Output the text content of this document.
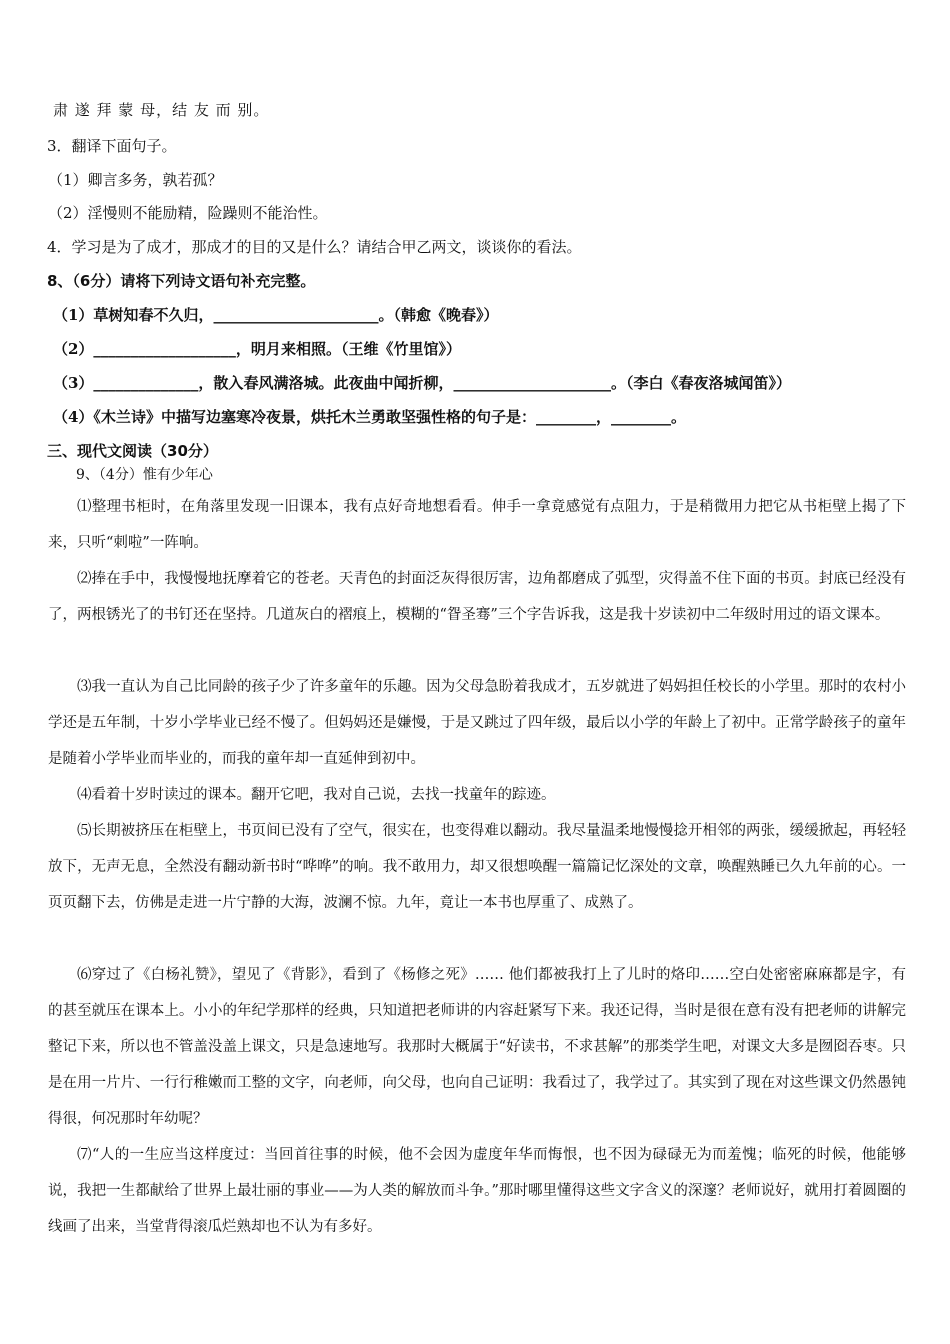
肃 遂 拜 蒙 母，结 友 而 别。
3．翻译下面句子。
（1）卿言多务，孰若孤？
（2）淫慢则不能励精，险躁则不能治性。
4．学习是为了成才，那成才的目的又是什么？请结合甲乙两文，谈谈你的看法。
8、（6分）请将下列诗文语句补充完整。
（1）草树知春不久归，______________________。（韩愈《晚春》）
（2）___________________，明月来相照。（王维《竹里馆》）
（3）______________，散入春风满洛城。此夜曲中闻折柳，_____________________。（李白《春夜洛城闻笛》）
（4）《木兰诗》中描写边塞寒冷夜景，烘托木兰勇敢坚强性格的句子是：________，________。
三、现代文阅读（30分）
9、（4分）惟有少年心
⑴整理书柜时，在角落里发现一旧课本，我有点好奇地想看看。伸手一拿竟感觉有点阻力，于是稍微用力把它从书柜壁上揭了下来，只听“刺啦”一阵响。
⑵捧在手中，我慢慢地抚摩着它的苍老。天青色的封面泛灰得很厉害，边角都磨成了弧型，灾得盖不住下面的书页。封底已经没有了，两根锈光了的书钉还在坚持。几道灰白的褶痕上，模糊的“眢圣骞”三个字告诉我，这是我十岁读初中二年级时用过的语文课本。
⑶我一直认为自己比同龄的孩子少了许多童年的乐趣。因为父母急盼着我成才，五岁就进了妈妈担任校长的小学里。那时的农村小学还是五年制，十岁小学毕业已经不慢了。但妈妈还是嫌慢，于是又跳过了四年级，最后以小学的年龄上了初中。正常学龄孩子的童年是随着小学毕业而毕业的，而我的童年却一直延伸到初中。
⑷看着十岁时读过的课本。翻开它吧，我对自己说，去找一找童年的踪迹。
⑸长期被挤压在柜壁上，书页间已没有了空气，很实在，也变得难以翻动。我尽量温柔地慢慢捻开相邻的两张，缓缓掀起，再轻轻放下，无声无息，全然没有翻动新书时“哗哗”的响。我不敢用力，却又很想唤醒一篇篇记忆深处的文章，唤醒熟睡已久九年前的心。一页页翻下去，仿佛是走进一片宁静的大海，波澜不惊。九年，竟让一本书也厚重了、成熟了。
⑹穿过了《白杨礼赞》，望见了《背影》，看到了《杨修之死》…… 他们都被我打上了儿时的烙印……空白处密密麻麻都是字，有的甚至就压在课本上。小小的年纪学那样的经典，只知道把老师讲的内容赶紧写下来。我还记得，当时是很在意有没有把老师的讲解完整记下来，所以也不管盖没盖上课文，只是急速地写。我那时大概属于“好读书，不求甚解”的那类学生吧，对课文大多是囫囵吞枣。只是在用一片片、一行行稚嫩而工整的文字，向老师，向父母，也向自己证明：我看过了，我学过了。其实到了现在对这些课文仍然愚钝得很，何况那时年幼呢？
⑺“人的一生应当这样度过：当回首往事的时候，他不会因为虚度年华而悔恨，也不因为碌碌无为而羞愧；临死的时候，他能够说，我把一生都献给了世界上最壮丽的事业——为人类的解放而斗争。”那时哪里懂得这些文字含义的深邃？老师说好，就用打着圆圈的线画了出来，当堂背得滚瓜烂熟却也不认为有多好。
